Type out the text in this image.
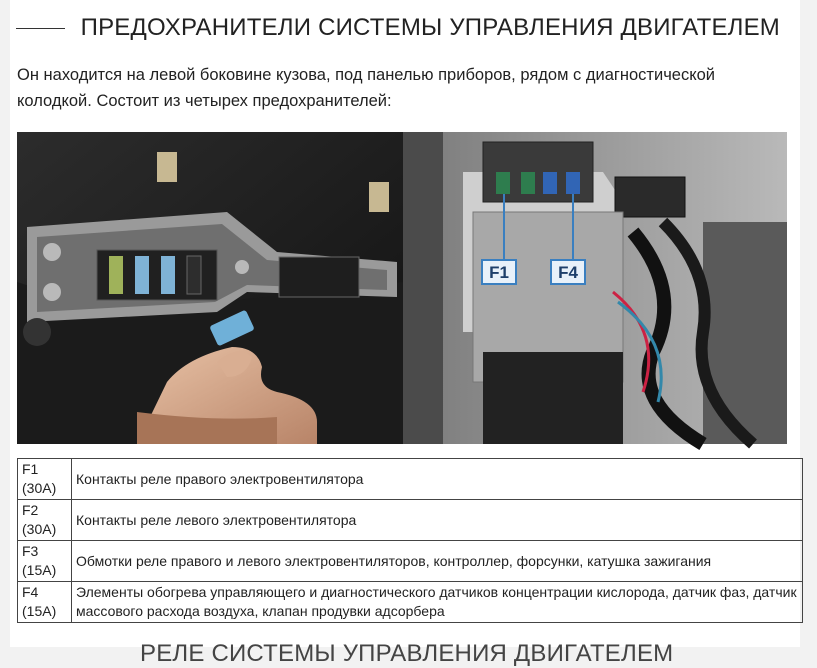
ПРЕДОХРАНИТЕЛИ СИСТЕМЫ УПРАВЛЕНИЯ ДВИГАТЕЛЕМ
Он находится на левой боковине кузова, под панелью приборов, рядом с диагностической колодкой. Состоит из четырех предохранителей:
F1	F4
F1
(30A)	Контакты реле правого электровентилятора
F2
(30A)	Контакты реле левого электровентилятора
F3
(15A)	Обмотки реле правого и левого электровентиляторов, контроллер, форсунки, катушка зажигания
F4
(15A)	Элементы обогрева управляющего и диагностического датчиков концентрации кислорода, датчик фаз, датчик массового расхода воздуха, клапан продувки адсорбера
РЕЛЕ СИСТЕМЫ УПРАВЛЕНИЯ ДВИГАТЕЛЕМ
